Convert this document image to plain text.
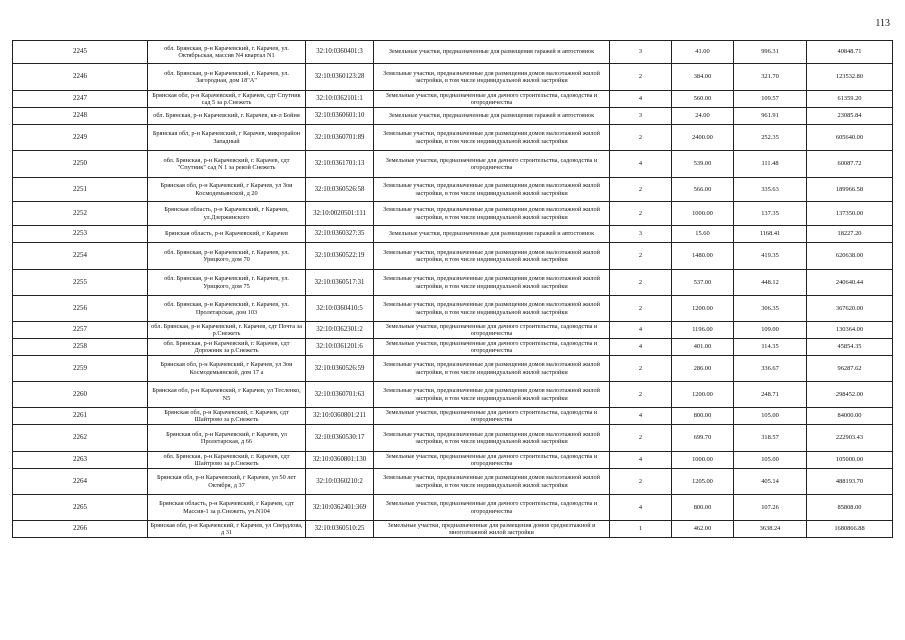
113
2245	обл. Брянская, р-н Карачевский, г. Карачев, ул. Октябрьская, массив N4 квартал N1	32:10:0360401:3	Земельные участки, предназначенные для размещения гаражей и автостоянок	3	41.00	996.31	40848.71
2246	обл. Брянская, р-н Карачевский, г. Карачев, ул. Загородная, дом 18"А"	32:10:0360123:28	Земельные участки, предназначенные для размещения домов малоэтажной жилой застройки, в том числе индивидуальной жилой застройки	2	384.00	321.70	123532.80
2247	Брянская обл, р-н Карачевский, г Карачев, сдт Спутник сад 5 за р.Снежеть	32:10:0362101:1	Земельные участки, предназначенные для дачного строительства, садоводства и огородничества	4	560.00	109.57	61359.20
2248	обл. Брянская, р-н Карачевский, г. Карачев, кв-л Бойня	32:10:0360601:10	Земельные участки, предназначенные для размещения гаражей и автостоянок	3	24.00	961.91	23085.84
2249	Брянская обл, р-н Карачевский, г Карачев, микрорайон Западный	32:10:0360701:89	Земельные участки, предназначенные для размещения домов малоэтажной жилой застройки, в том числе индивидуальной жилой застройки	2	2400.00	252.35	605640.00
2250	обл. Брянская, р-н Карачевский, г. Карачев, сдт "Спутник" сад N 1 за рекой Снежеть	32:10:0361701:13	Земельные участки, предназначенные для дачного строительства, садоводства и огородничества	4	539.00	111.48	60087.72
2251	Брянская обл, р-н Карачевский, г Карачев, ул Зои Космодемьянской, д 20	32:10:0360526:58	Земельные участки, предназначенные для размещения домов малоэтажной жилой застройки, в том числе индивидуальной жилой застройки	2	566.00	335.63	189966.58
2252	Брянская область, р-н Карачевский, г Карачев, ул.Дзержинского	32:10:0020501:111	Земельные участки, предназначенные для размещения домов малоэтажной жилой застройки, в том числе индивидуальной жилой застройки	2	1000.00	137.35	137350.00
2253	Брянская область, р-н Карачевский, г Карачев	32:10:0360327:35	Земельные участки, предназначенные для размещения гаражей и автостоянок	3	15.60	1168.41	18227.20
2254	обл. Брянская, р-н Карачевский, г. Карачев, ул. Урицкого, дом 70	32:10:0360522:19	Земельные участки, предназначенные для размещения домов малоэтажной жилой застройки, в том числе индивидуальной жилой застройки	2	1480.00	419.35	620638.00
2255	обл. Брянская, р-н Карачевский, г. Карачев, ул. Урицкого, дом 75	32:10:0360517:31	Земельные участки, предназначенные для размещения домов малоэтажной жилой застройки, в том числе индивидуальной жилой застройки	2	537.00	448.12	240640.44
2256	обл. Брянская, р-н Карачевский, г. Карачев, ул. Пролетарская, дом 103	32:10:0360410:5	Земельные участки, предназначенные для размещения домов малоэтажной жилой застройки, в том числе индивидуальной жилой застройки	2	1200.00	306.35	367620.00
2257	обл. Брянская, р-н Карачевский, г. Карачев, сдт Почта за р.Снежеть	32:10:0362301:2	Земельные участки, предназначенные для дачного строительства, садоводства и огородничества	4	1196.00	109.00	130364.00
2258	обл. Брянская, р-н Карачевский, г. Карачев, сдт Дорожник за р.Снежеть	32:10:0361201:6	Земельные участки, предназначенные для дачного строительства, садоводства и огородничества	4	401.00	114.35	45854.35
2259	Брянская обл, р-н Карачевский, г Карачев, ул Зои Космодемьянской, дом 17 а	32:10:0360526:59	Земельные участки, предназначенные для размещения домов малоэтажной жилой застройки, в том числе индивидуальной жилой застройки	2	286.00	336.67	96287.62
2260	Брянская обл, р-н Карачевский, г Карачев, ул Тесленко, N5	32:10:0360701:63	Земельные участки, предназначенные для размещения домов малоэтажной жилой застройки, в том числе индивидуальной жилой застройки	2	1200.00	248.71	298452.00
2261	Брянская обл, р-н Карачевский, г. Карачев, сдт Шайтрово за р.Снежеть	32:10:0360801:211	Земельные участки, предназначенные для дачного строительства, садоводства и огородничества	4	800.00	105.00	84000.00
2262	Брянская обл, р-н Карачевский, г Карачев, ул Пролетарская, д 66	32:10:0360530:17	Земельные участки, предназначенные для размещения домов малоэтажной жилой застройки, в том числе индивидуальной жилой застройки	2	699.70	318.57	222903.43
2263	обл. Брянская, р-н Карачевский, г. Карачев, сдт Шайтрово за р.Снежеть	32:10:0360801:130	Земельные участки, предназначенные для дачного строительства, садоводства и огородничества	4	1000.00	105.00	105000.00
2264	Брянская обл, р-н Карачевский, г Карачев, ул 50 лет Октября, д 37	32:10:0360210:2	Земельные участки, предназначенные для размещения домов малоэтажной жилой застройки, в том числе индивидуальной жилой застройки	2	1205.00	405.14	488193.70
2265	Брянская область, р-н Карачевский, г Карачев, сдт Массив-1 за р.Снежеть, уч.N104	32:10:0362401:369	Земельные участки, предназначенные для дачного строительства, садоводства и огородничества	4	800.00	107.26	85808.00
2266	Брянская обл, р-н Карачевский, г Карачев, ул Свердлова, д 31	32:10:0360510:25	Земельные участки, предназначенные для размещения домов среднеэтажной и многоэтажной жилой застройки	1	462.00	3638.24	1680866.88
